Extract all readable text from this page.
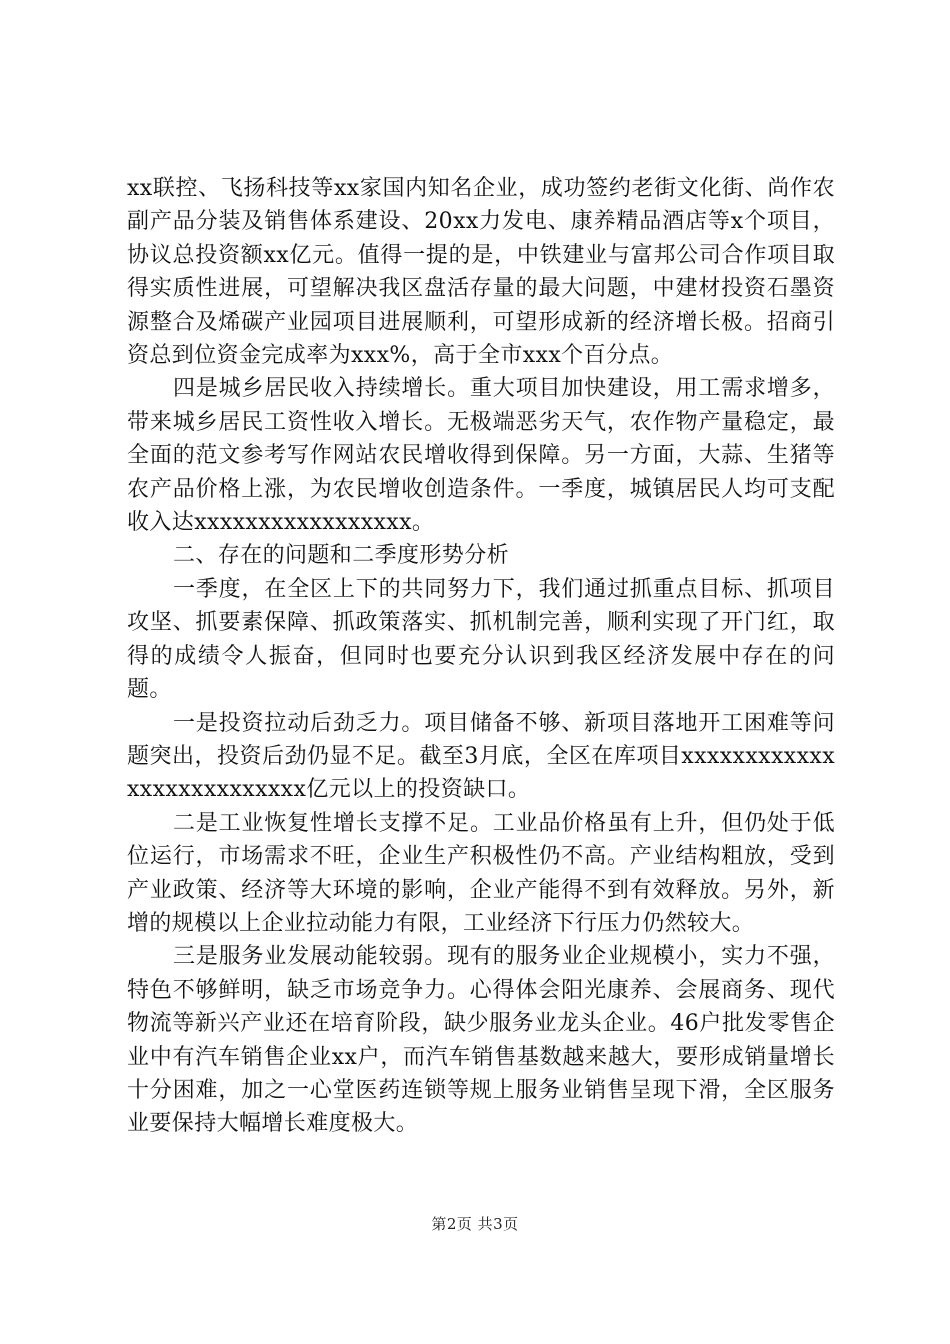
xx联控、飞扬科技等xx家国内知名企业，成功签约老街文化街、尚作农副产品分装及销售体系建设、20xx力发电、康养精品酒店等x个项目，协议总投资额xx亿元。值得一提的是，中铁建业与富邦公司合作项目取得实质性进展，可望解决我区盘活存量的最大问题，中建材投资石墨资源整合及烯碳产业园项目进展顺利，可望形成新的经济增长极。招商引资总到位资金完成率为xxx%，高于全市xxx个百分点。

四是城乡居民收入持续增长。重大项目加快建设，用工需求增多，带来城乡居民工资性收入增长。无极端恶劣天气，农作物产量稳定，最全面的范文参考写作网站农民增收得到保障。另一方面，大蒜、生猪等农产品价格上涨，为农民增收创造条件。一季度，城镇居民人均可支配收入达xxxxxxxxxxxxxxxxx。

二、存在的问题和二季度形势分析

一季度，在全区上下的共同努力下，我们通过抓重点目标、抓项目攻坚、抓要素保障、抓政策落实、抓机制完善，顺利实现了开门红，取得的成绩令人振奋，但同时也要充分认识到我区经济发展中存在的问题。

一是投资拉动后劲乏力。项目储备不够、新项目落地开工困难等问题突出，投资后劲仍显不足。截至3月底，全区在库项目xxxxxxxxxxxxxxxxxxxxxxxxxx亿元以上的投资缺口。

二是工业恢复性增长支撑不足。工业品价格虽有上升，但仍处于低位运行，市场需求不旺，企业生产积极性仍不高。产业结构粗放，受到产业政策、经济等大环境的影响，企业产能得不到有效释放。另外，新增的规模以上企业拉动能力有限，工业经济下行压力仍然较大。

三是服务业发展动能较弱。现有的服务业企业规模小，实力不强，特色不够鲜明，缺乏市场竞争力。心得体会阳光康养、会展商务、现代物流等新兴产业还在培育阶段，缺少服务业龙头企业。46户批发零售企业中有汽车销售企业xx户，而汽车销售基数越来越大，要形成销量增长十分困难，加之一心堂医药连锁等规上服务业销售呈现下滑，全区服务业要保持大幅增长难度极大。

第2页 共3页
